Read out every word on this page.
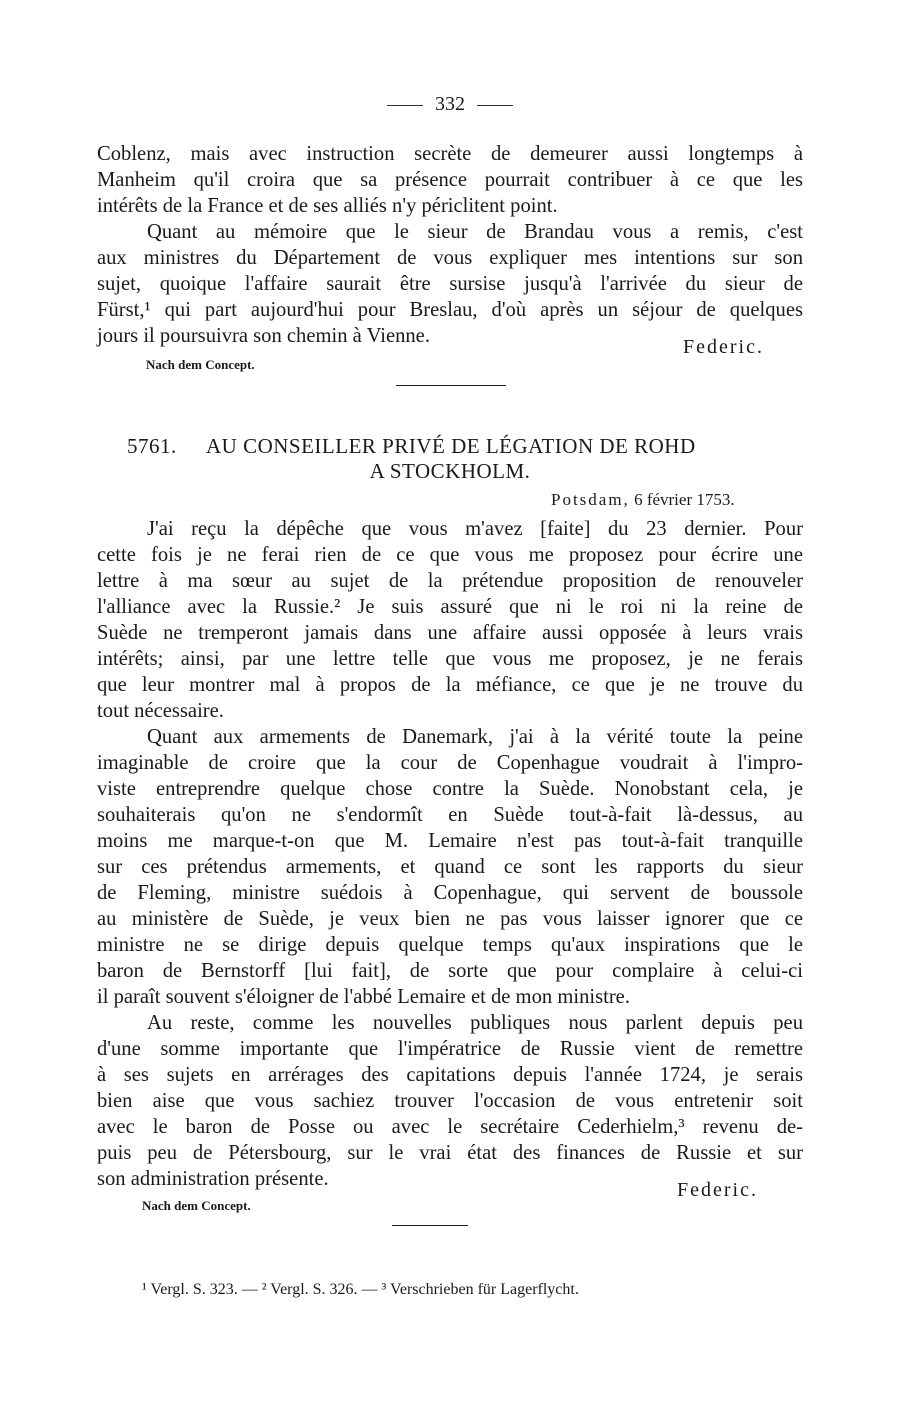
332
Coblenz, mais avec instruction secrète de demeurer aussi longtemps à
Manheim qu'il croira que sa présence pourrait contribuer à ce que les
intérêts de la France et de ses alliés n'y périclitent point.
Quant au mémoire que le sieur de Brandau vous a remis, c'est
aux ministres du Département de vous expliquer mes intentions sur son
sujet, quoique l'affaire saurait être sursise jusqu'à l'arrivée du sieur de
Fürst,¹ qui part aujourd'hui pour Breslau, d'où après un séjour de quelques
jours il poursuivra son chemin à Vienne.	Federic.
Nach dem Concept.
5761. AU CONSEILLER PRIVÉ DE LÉGATION DE ROHD
A STOCKHOLM.
Potsdam, 6 février 1753.
J'ai reçu la dépêche que vous m'avez [faite] du 23 dernier. Pour
cette fois je ne ferai rien de ce que vous me proposez pour écrire une
lettre à ma sœur au sujet de la prétendue proposition de renouveler
l'alliance avec la Russie.² Je suis assuré que ni le roi ni la reine de
Suède ne tremperont jamais dans une affaire aussi opposée à leurs vrais
intérêts; ainsi, par une lettre telle que vous me proposez, je ne ferais
que leur montrer mal à propos de la méfiance, ce que je ne trouve du
tout nécessaire.
Quant aux armements de Danemark, j'ai à la vérité toute la peine
imaginable de croire que la cour de Copenhague voudrait à l'impro-
viste entreprendre quelque chose contre la Suède. Nonobstant cela, je
souhaiterais qu'on ne s'endormît en Suède tout-à-fait là-dessus, au
moins me marque-t-on que M. Lemaire n'est pas tout-à-fait tranquille
sur ces prétendus armements, et quand ce sont les rapports du sieur
de Fleming, ministre suédois à Copenhague, qui servent de boussole
au ministère de Suède, je veux bien ne pas vous laisser ignorer que ce
ministre ne se dirige depuis quelque temps qu'aux inspirations que le
baron de Bernstorff [lui fait], de sorte que pour complaire à celui-ci
il paraît souvent s'éloigner de l'abbé Lemaire et de mon ministre.
Au reste, comme les nouvelles publiques nous parlent depuis peu
d'une somme importante que l'impératrice de Russie vient de remettre
à ses sujets en arrérages des capitations depuis l'année 1724, je serais
bien aise que vous sachiez trouver l'occasion de vous entretenir soit
avec le baron de Posse ou avec le secrétaire Cederhielm,³ revenu de-
puis peu de Pétersbourg, sur le vrai état des finances de Russie et sur
son administration présente.	Federic.
Nach dem Concept.
¹ Vergl. S. 323. — ² Vergl. S. 326. — ³ Verschrieben für Lagerflycht.
